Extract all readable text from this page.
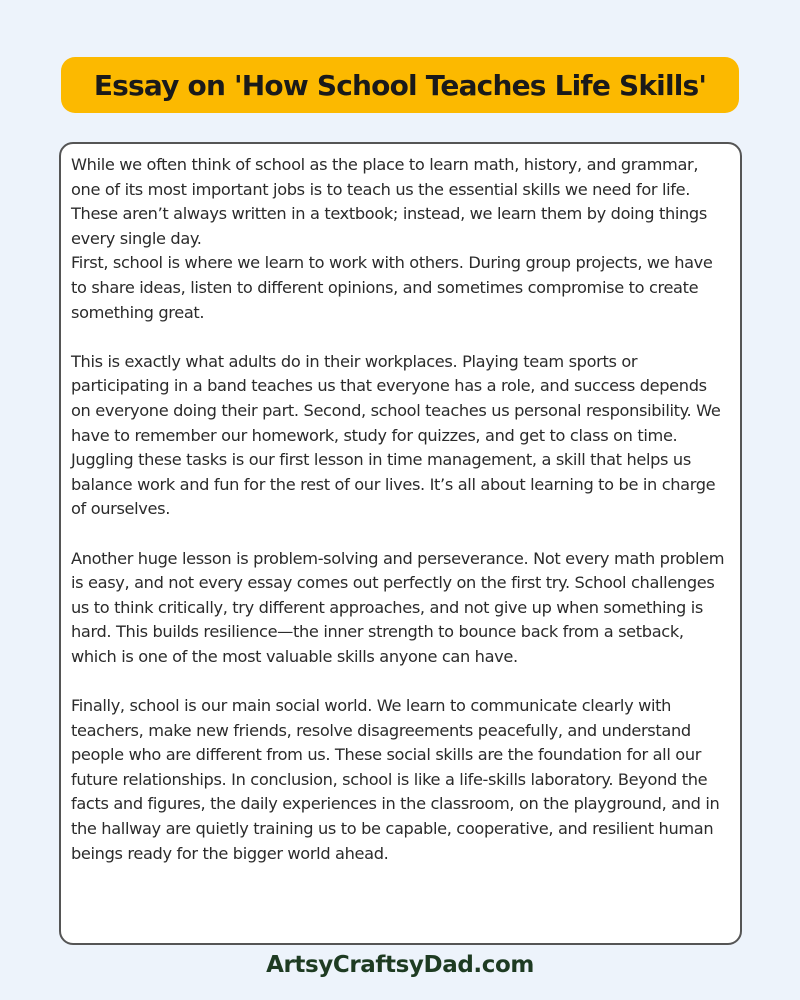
Essay on 'How School Teaches Life Skills'

While we often think of school as the place to learn math, history, and grammar, one of its most important jobs is to teach us the essential skills we need for life. These aren’t always written in a textbook; instead, we learn them by doing things every single day.

First, school is where we learn to work with others. During group projects, we have to share ideas, listen to different opinions, and sometimes compromise to create something great.

This is exactly what adults do in their workplaces. Playing team sports or participating in a band teaches us that everyone has a role, and success depends on everyone doing their part. Second, school teaches us personal responsibility. We have to remember our homework, study for quizzes, and get to class on time. Juggling these tasks is our first lesson in time management, a skill that helps us balance work and fun for the rest of our lives. It’s all about learning to be in charge of ourselves.

Another huge lesson is problem-solving and perseverance. Not every math problem is easy, and not every essay comes out perfectly on the first try. School challenges us to think critically, try different approaches, and not give up when something is hard. This builds resilience—the inner strength to bounce back from a setback, which is one of the most valuable skills anyone can have.

Finally, school is our main social world. We learn to communicate clearly with teachers, make new friends, resolve disagreements peacefully, and understand people who are different from us. These social skills are the foundation for all our future relationships. In conclusion, school is like a life-skills laboratory. Beyond the facts and figures, the daily experiences in the classroom, on the playground, and in the hallway are quietly training us to be capable, cooperative, and resilient human beings ready for the bigger world ahead.

ArtsyCraftsyDad.com
